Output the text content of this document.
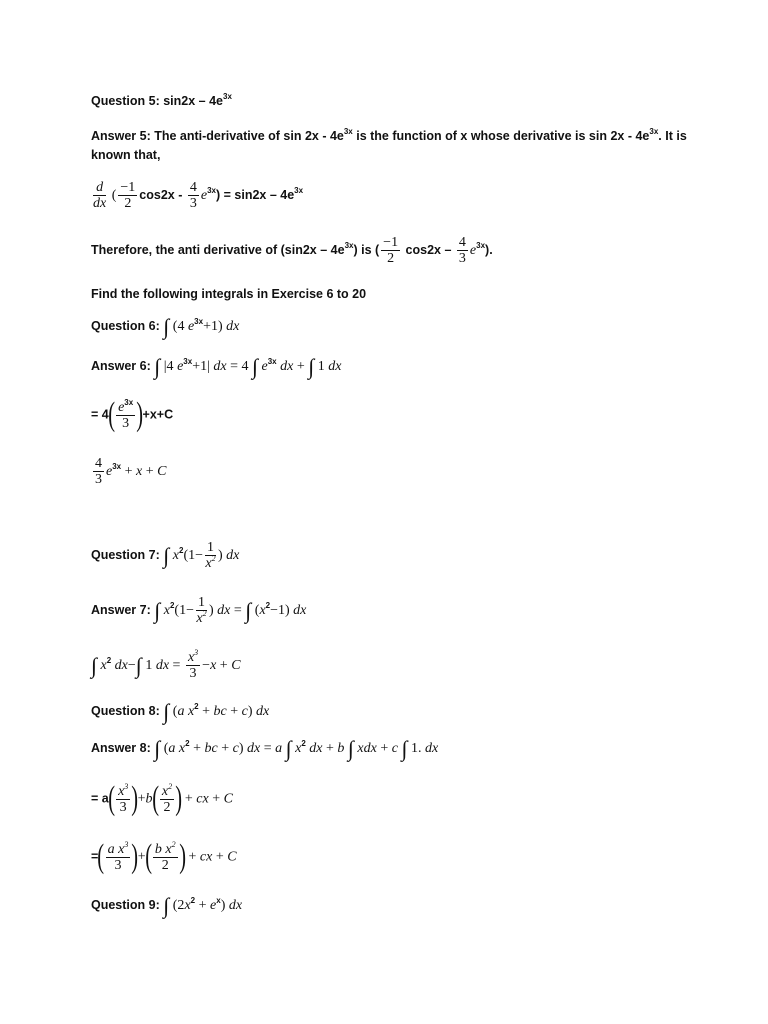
Question 5: $\sin 2x - 4e^{3x}$
Answer 5: The anti-derivative of $\sin 2x - 4e^{3x}$ is the function of x whose derivative is $\sin 2x - 4e^{3x}$. It is
known that,
$\frac{d}{dx}$ ( $\frac{-1}{2} \cos 2x - \frac{4}{3} e^{3x}) = \sin 2x - 4e^{3x}$
Therefore, the anti derivative of $(\sin 2x - 4e^{3x})$ is ( $\frac{-1}{2} \cos 2x - \frac{4}{3} e^{3x}$).
Find the following integrals in Exercise 6 to 20
Question 6: ∫ (4 $e^{3x}+1$) dx
Answer 6: ∫ |4 $e^{3x}+1|$ dx = 4 ∫ $e^{3x}$ dx + ∫ 1 dx
= $4( \frac{e^{3x}}{3} )+x+C$
$\frac{4}{3} e^{3x} + x + C$
Question 7: ∫ $x^2(1- \frac{1}{x^2}$ ) dx
Answer 7: ∫ $x^2(1- \frac{1}{x^2}$ ) dx = ∫ $(x^2-1)$ dx
∫ $x^2$ dx−∫ 1 dx = $\frac{x^3}{3} -x + C$
Question 8: ∫ (a $x^2$ + bc + c) dx
Answer 8: ∫ (a $x^2$ + bc + c) dx = a ∫ $x^2$ dx + b ∫ xdx + c ∫ 1. dx
= $a( \frac{x^3}{3} )+b( \frac{x^2}{2}$ ) + cx + C
=( $\frac{a x^3}{3}$ )+( $\frac{b x^2}{2}$ ) + cx + C
Question 9: ∫ $(2x^2 + e^x)$ dx
